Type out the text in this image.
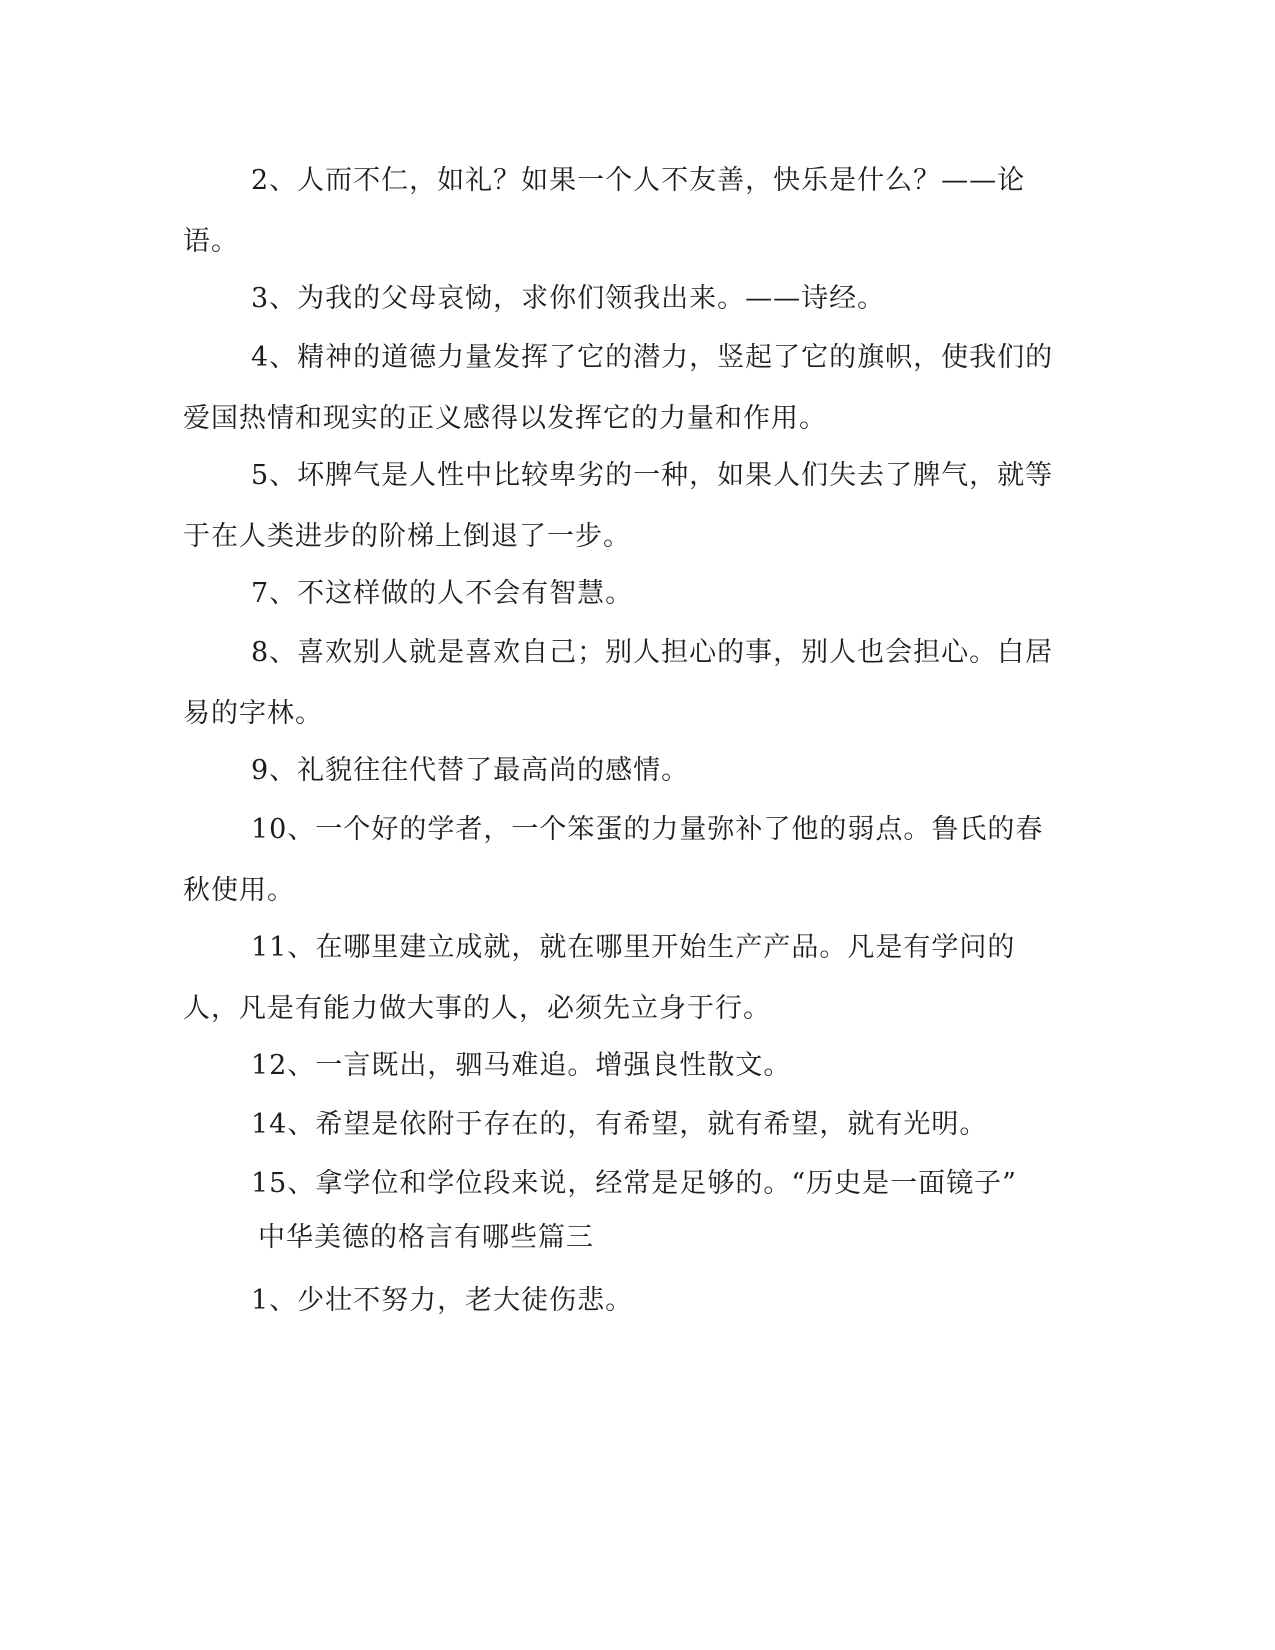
2、人而不仁，如礼？如果一个人不友善，快乐是什么？——论语。

3、为我的父母哀恸，求你们领我出来。——诗经。

4、精神的道德力量发挥了它的潜力，竖起了它的旗帜，使我们的爱国热情和现实的正义感得以发挥它的力量和作用。

5、坏脾气是人性中比较卑劣的一种，如果人们失去了脾气，就等于在人类进步的阶梯上倒退了一步。

7、不这样做的人不会有智慧。

8、喜欢别人就是喜欢自己；别人担心的事，别人也会担心。白居易的字林。

9、礼貌往往代替了最高尚的感情。

10、一个好的学者，一个笨蛋的力量弥补了他的弱点。鲁氏的春秋使用。

11、在哪里建立成就，就在哪里开始生产产品。凡是有学问的人，凡是有能力做大事的人，必须先立身于行。

12、一言既出，驷马难追。增强良性散文。

14、希望是依附于存在的，有希望，就有希望，就有光明。

15、拿学位和学位段来说，经常是足够的。“历史是一面镜子”

中华美德的格言有哪些篇三

1、少壮不努力，老大徒伤悲。
